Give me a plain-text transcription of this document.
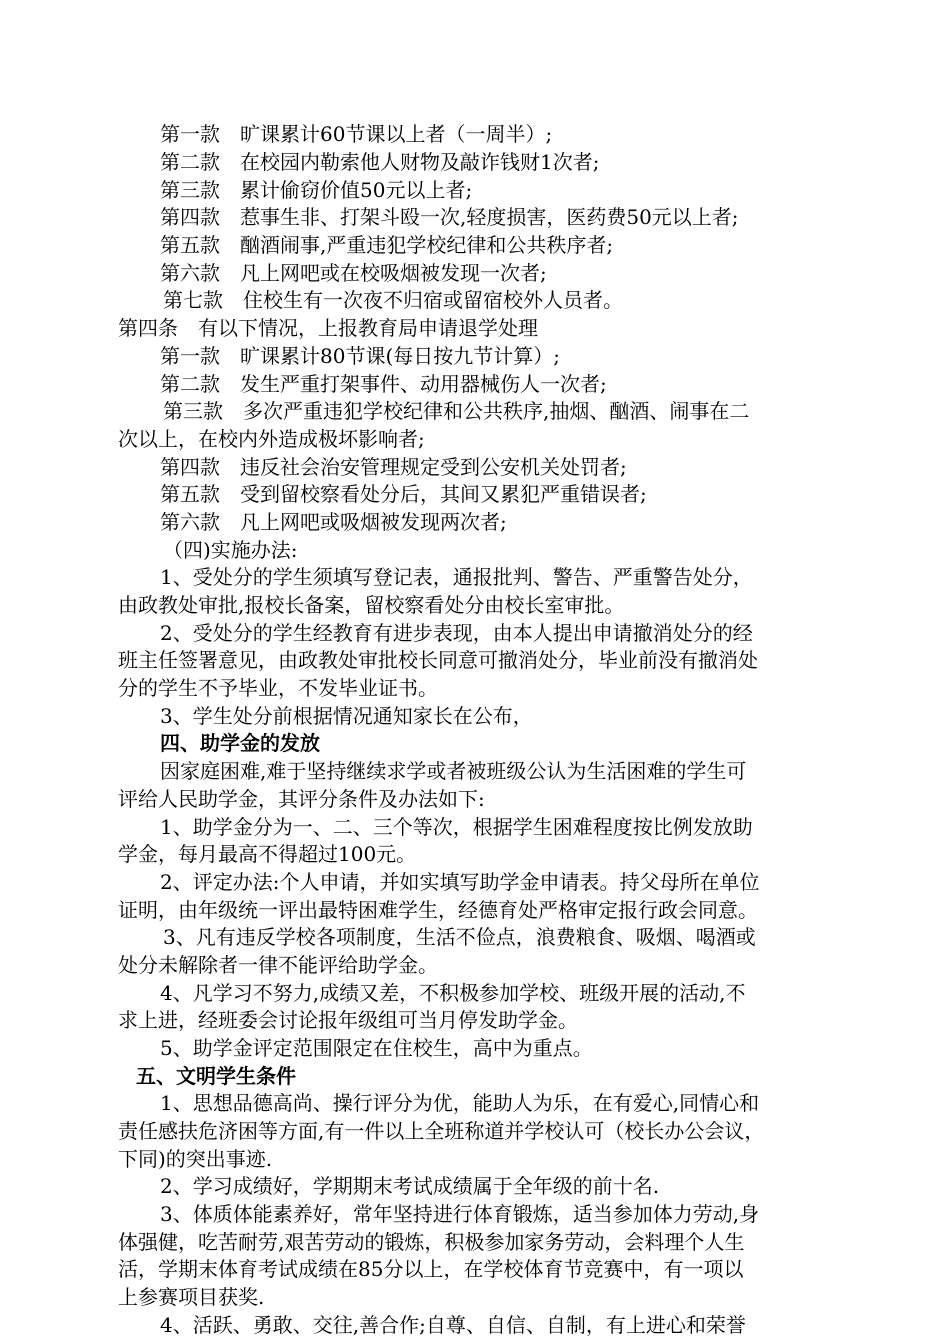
第一款　旷课累计60节课以上者（一周半）;
第二款　在校园内勒索他人财物及敲诈钱财1次者;
第三款　累计偷窃价值50元以上者;
第四款　惹事生非、打架斗殴一次,轻度损害，医药费50元以上者;
第五款　酗酒闹事,严重违犯学校纪律和公共秩序者;
第六款　凡上网吧或在校吸烟被发现一次者;
第七款　住校生有一次夜不归宿或留宿校外人员者。
第四条　有以下情况，上报教育局申请退学处理
第一款　旷课累计80节课(每日按九节计算）;
第二款　发生严重打架事件、动用器械伤人一次者;
第三款　多次严重违犯学校纪律和公共秩序,抽烟、酗酒、闹事在二
次以上，在校内外造成极坏影响者;
第四款　违反社会治安管理规定受到公安机关处罚者;
第五款　受到留校察看处分后，其间又累犯严重错误者;
第六款　凡上网吧或吸烟被发现两次者;
（四)实施办法:
1、受处分的学生须填写登记表，通报批判、警告、严重警告处分，
由政教处审批,报校长备案，留校察看处分由校长室审批。
2、受处分的学生经教育有进步表现，由本人提出申请撤消处分的经
班主任签署意见，由政教处审批校长同意可撤消处分，毕业前没有撤消处
分的学生不予毕业，不发毕业证书。
3、学生处分前根据情况通知家长在公布，
四、助学金的发放
因家庭困难,难于坚持继续求学或者被班级公认为生活困难的学生可
评给人民助学金，其评分条件及办法如下:
1、助学金分为一、二、三个等次，根据学生困难程度按比例发放助
学金，每月最高不得超过100元。
2、评定办法:个人申请，并如实填写助学金申请表。持父母所在单位
证明，由年级统一评出最特困难学生，经德育处严格审定报行政会同意。
3、凡有违反学校各项制度，生活不俭点，浪费粮食、吸烟、喝酒或
处分未解除者一律不能评给助学金。
4、凡学习不努力,成绩又差，不积极参加学校、班级开展的活动,不
求上进，经班委会讨论报年级组可当月停发助学金。
5、助学金评定范围限定在住校生，高中为重点。
五、文明学生条件
1、思想品德高尚、操行评分为优，能助人为乐，在有爱心,同情心和
责任感扶危济困等方面,有一件以上全班称道并学校认可（校长办公会议，
下同)的突出事迹.
2、学习成绩好，学期期末考试成绩属于全年级的前十名.
3、体质体能素养好，常年坚持进行体育锻炼，适当参加体力劳动,身
体强健，吃苦耐劳,艰苦劳动的锻炼，积极参加家务劳动，会料理个人生
活，学期末体育考试成绩在85分以上，在学校体育节竞赛中，有一项以
上参赛项目获奖.
4、活跃、勇敢、交往,善合作;自尊、自信、自制，有上进心和荣誉
